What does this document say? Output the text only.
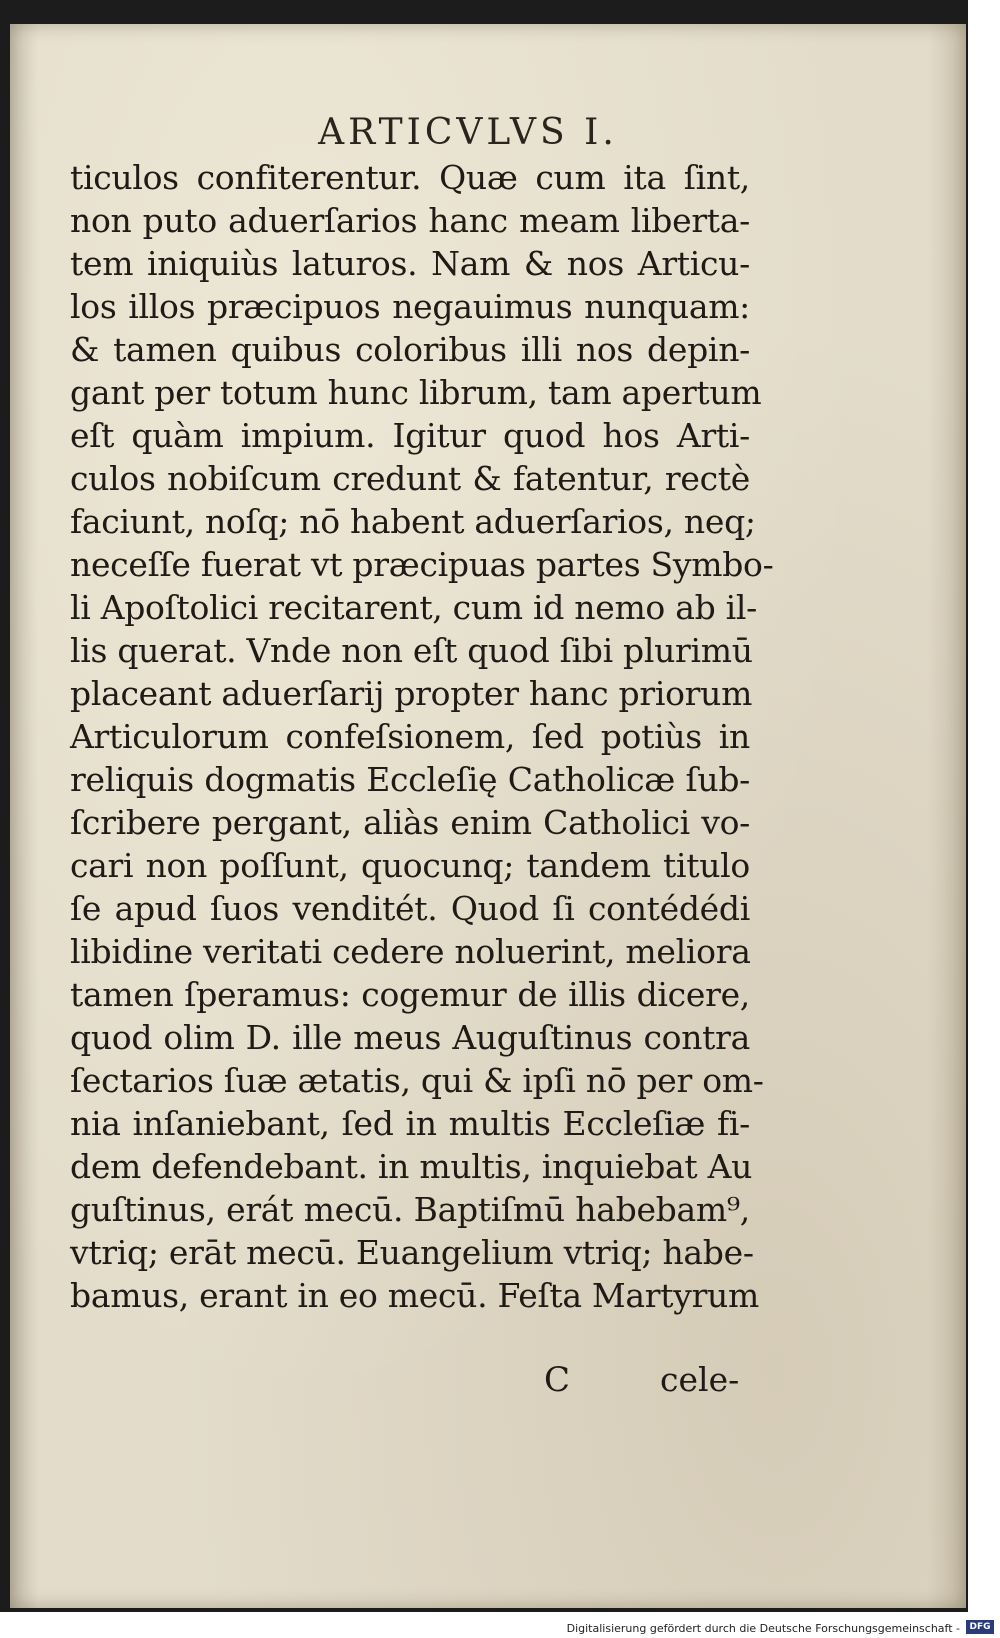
ARTICVLVS I.
ticulos confiterentur. Quæ cum ita ſint,
non puto aduerſarios hanc meam liberta-
tem iniquiùs laturos. Nam & nos Articu-
los illos præcipuos negauimus nunquam:
& tamen quibus coloribus illi nos depin-
gant per totum hunc librum, tam apertum
eſt quàm impium. Igitur quod hos Arti-
culos nobiſcum credunt & fatentur, rectè
faciunt, noſq; nō habent aduerſarios, neq;
neceſſe fuerat vt præcipuas partes Symbo-
li Apoſtolici recitarent, cum id nemo ab il-
lis querat. Vnde non eſt quod ſibi plurimū
placeant aduerſarij propter hanc priorum
Articulorum confeſsionem, ſed potiùs in
reliquis dogmatis Eccleſię Catholicæ ſub-
ſcribere pergant, aliàs enim Catholici vo-
cari non poſſunt, quocunq; tandem titulo
ſe apud ſuos venditét. Quod ſi contédédi
libidine veritati cedere noluerint, meliora
tamen ſperamus: cogemur de illis dicere,
quod olim D. ille meus Auguſtinus contra
ſectarios ſuæ ætatis, qui & ipſi nō per om-
nia inſaniebant, ſed in multis Eccleſiæ fi-
dem defendebant. in multis, inquiebat Au
guſtinus, erát mecū. Baptiſmū habebam⁹,
vtriq; erāt mecū. Euangelium vtriq; habe-
bamus, erant in eo mecū. Feſta Martyrum
C	cele-
Digitalisierung gefördert durch die Deutsche Forschungsgemeinschaft -	DFG
